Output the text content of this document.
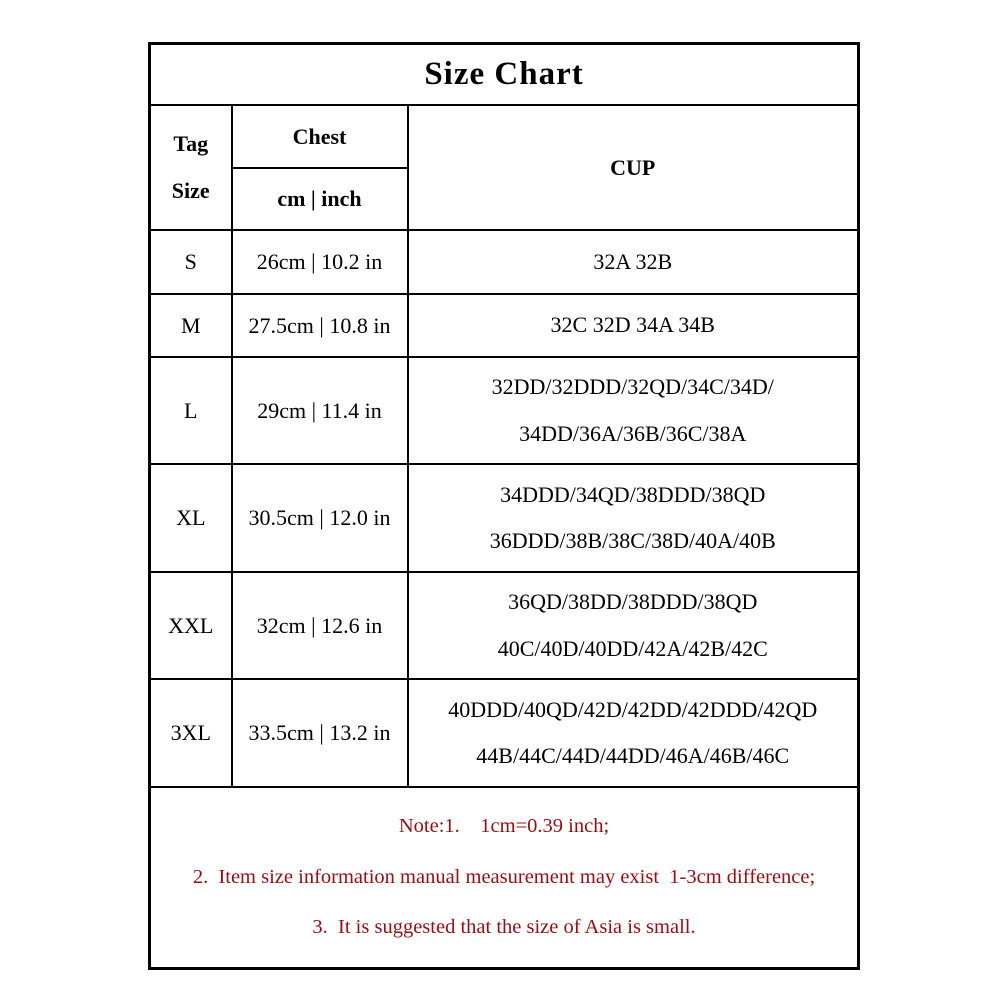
Size Chart		

Tag
Size	Chest	CUP
	cm | inch	
S	26cm | 10.2 in	32A 32B

M	27.5cm | 10.8 in	32C 32D 34A 34B

L	29cm | 11.4 in	32DD/32DDD/32QD/34C/34D/
34DD/36A/36B/36C/38A

XL	30.5cm | 12.0 in	34DDD/34QD/38DDD/38QD
36DDD/38B/38C/38D/40A/40B

XXL	32cm | 12.6 in	36QD/38DD/38DDD/38QD
40C/40D/40DD/42A/42B/42C

3XL	33.5cm | 13.2 in	40DDD/40QD/42D/42DD/42DDD/42QD
44B/44C/44D/44DD/46A/46B/46C

Note:1.    1cm=0.39 inch;
2.  Item size information manual measurement may exist  1-3cm difference;
3.  It is suggested that the size of Asia is small.		
